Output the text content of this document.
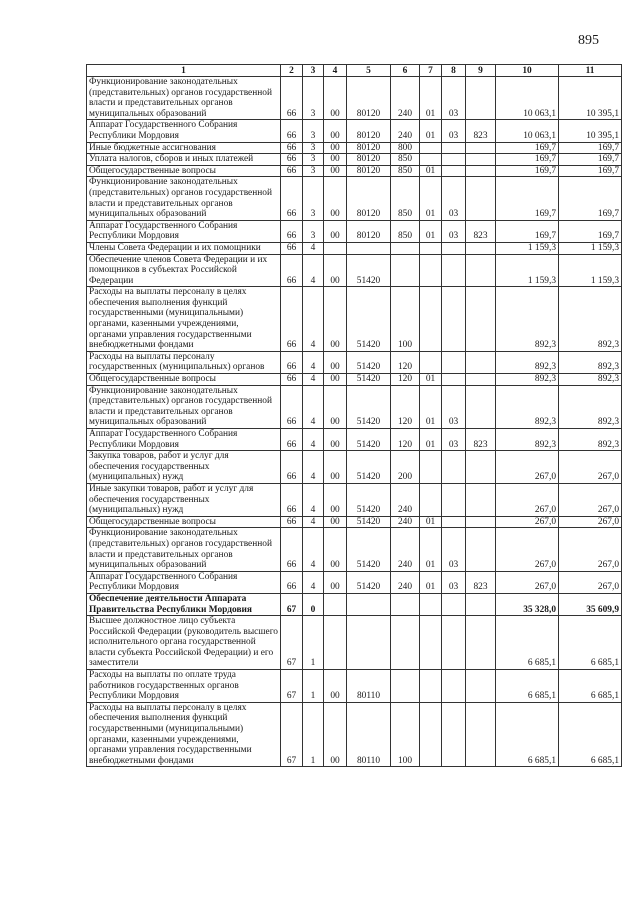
895
1	2	3	4	5	6	7	8	9	10	11
Функционирование законодательных (представительных) органов государственной власти и представительных органов муниципальных образований	66	3	00	80120	240	01	03		10 063,1	10 395,1
Аппарат Государственного Собрания Республики Мордовия	66	3	00	80120	240	01	03	823	10 063,1	10 395,1
Иные бюджетные ассигнования	66	3	00	80120	800				169,7	169,7
Уплата налогов, сборов и иных платежей	66	3	00	80120	850				169,7	169,7
Общегосударственные вопросы	66	3	00	80120	850	01			169,7	169,7
Функционирование законодательных (представительных) органов государственной власти и представительных органов муниципальных образований	66	3	00	80120	850	01	03		169,7	169,7
Аппарат Государственного Собрания Республики Мордовия	66	3	00	80120	850	01	03	823	169,7	169,7
Члены Совета Федерации и их помощники	66	4							1 159,3	1 159,3
Обеспечение членов Совета Федерации и их помощников в субъектах Российской Федерации	66	4	00	51420					1 159,3	1 159,3
Расходы на выплаты персоналу в целях обеспечения выполнения функций государственными (муниципальными) органами, казенными учреждениями, органами управления государственными внебюджетными фондами	66	4	00	51420	100				892,3	892,3
Расходы на выплаты персоналу государственных (муниципальных) органов	66	4	00	51420	120				892,3	892,3
Общегосударственные вопросы	66	4	00	51420	120	01			892,3	892,3
Функционирование законодательных (представительных) органов государственной власти и представительных органов муниципальных образований	66	4	00	51420	120	01	03		892,3	892,3
Аппарат Государственного Собрания Республики Мордовия	66	4	00	51420	120	01	03	823	892,3	892,3
Закупка товаров, работ и услуг для обеспечения государственных (муниципальных) нужд	66	4	00	51420	200				267,0	267,0
Иные закупки товаров, работ и услуг для обеспечения государственных (муниципальных) нужд	66	4	00	51420	240				267,0	267,0
Общегосударственные вопросы	66	4	00	51420	240	01			267,0	267,0
Функционирование законодательных (представительных) органов государственной власти и представительных органов муниципальных образований	66	4	00	51420	240	01	03		267,0	267,0
Аппарат Государственного Собрания Республики Мордовия	66	4	00	51420	240	01	03	823	267,0	267,0
Обеспечение деятельности Аппарата Правительства Республики Мордовия	67	0							35 328,0	35 609,9
Высшее должностное лицо субъекта Российской Федерации (руководитель высшего исполнительного органа государственной власти субъекта Российской Федерации) и его заместители	67	1							6 685,1	6 685,1
Расходы на выплаты по оплате труда работников государственных органов Республики Мордовия	67	1	00	80110					6 685,1	6 685,1
Расходы на выплаты персоналу в целях обеспечения выполнения функций государственными (муниципальными) органами, казенными учреждениями, органами управления государственными внебюджетными фондами	67	1	00	80110	100				6 685,1	6 685,1
